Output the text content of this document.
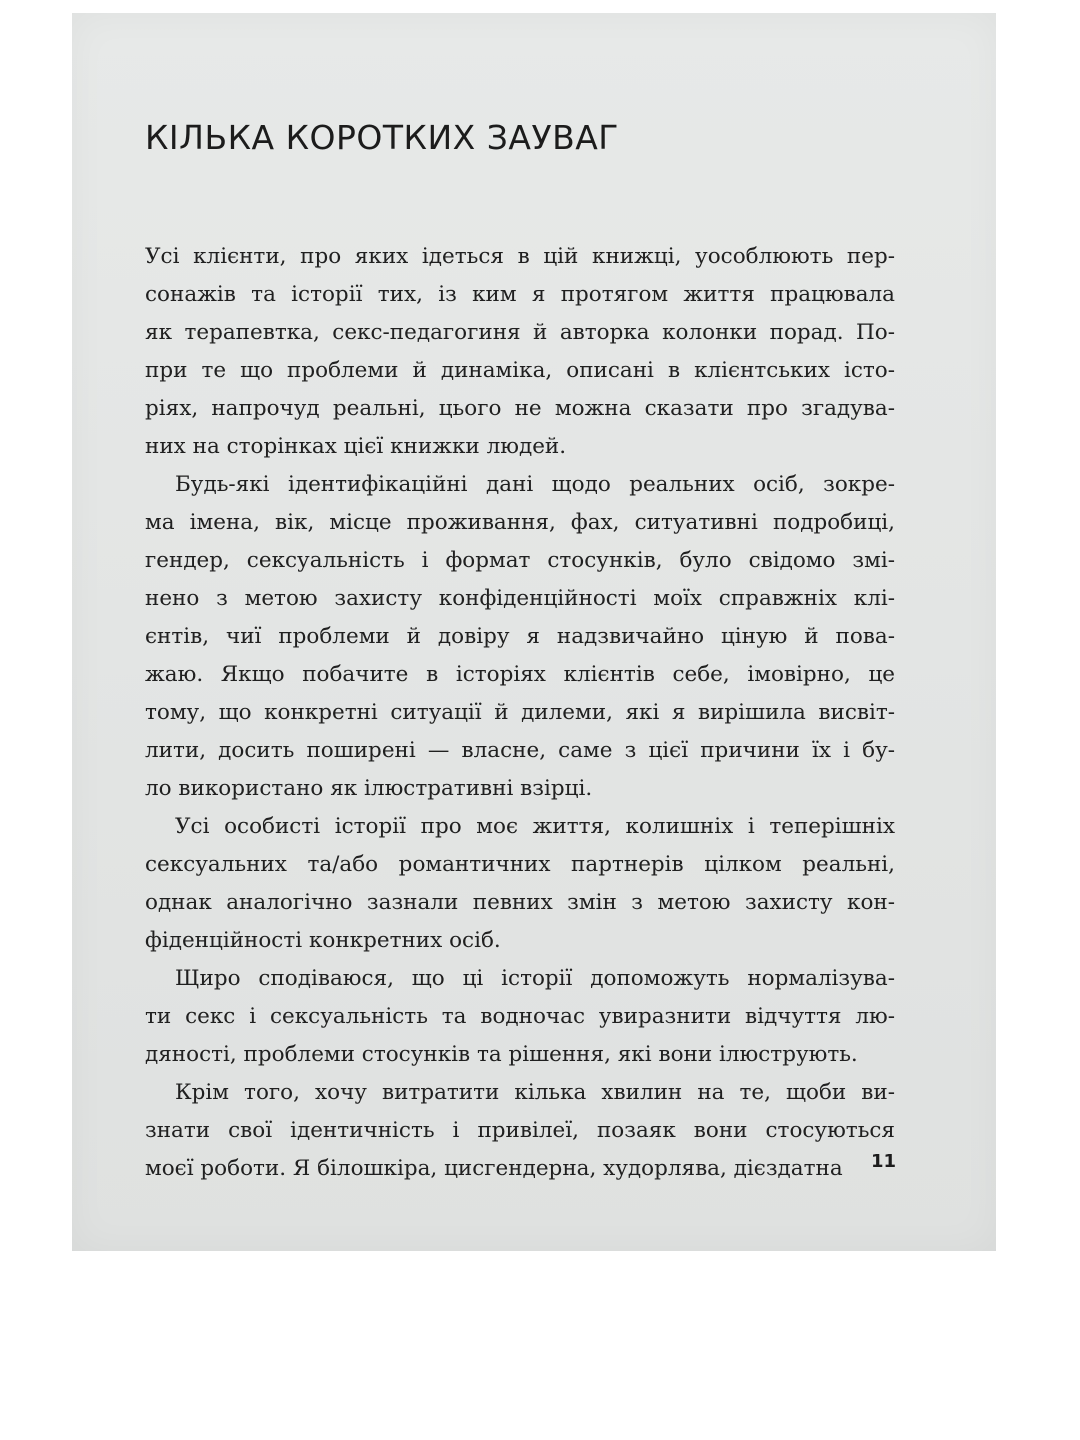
КІЛЬКА КОРОТКИХ ЗАУВАГ

Усі клієнти, про яких ідеться в цій книжці, уособлюють пер-
сонажів та історії тих, із ким я протягом життя працювала
як терапевтка, секс-педагогиня й авторка колонки порад. По-
при те що проблеми й динаміка, описані в клієнтських істо-
ріях, напрочуд реальні, цього не можна сказати про згадува-
них на сторінках цієї книжки людей.

Будь-які ідентифікаційні дані щодо реальних осіб, зокре-
ма імена, вік, місце проживання, фах, ситуативні подробиці,
гендер, сексуальність і формат стосунків, було свідомо змі-
нено з метою захисту конфіденційності моїх справжніх клі-
єнтів, чиї проблеми й довіру я надзвичайно ціную й пова-
жаю. Якщо побачите в історіях клієнтів себе, імовірно, це
тому, що конкретні ситуації й дилеми, які я вирішила висвіт-
лити, досить поширені — власне, саме з цієї причини їх і бу-
ло використано як ілюстративні взірці.

Усі особисті історії про моє життя, колишніх і теперішніх
сексуальних та/або романтичних партнерів цілком реальні,
однак аналогічно зазнали певних змін з метою захисту кон-
фіденційності конкретних осіб.

Щиро сподіваюся, що ці історії допоможуть нормалізува-
ти секс і сексуальність та водночас увиразнити відчуття лю-
дяності, проблеми стосунків та рішення, які вони ілюструють.

Крім того, хочу витратити кілька хвилин на те, щоби ви-
знати свої ідентичність і привілеї, позаяк вони стосуються
моєї роботи. Я білошкіра, цисгендерна, худорлява, дієздатна	11
